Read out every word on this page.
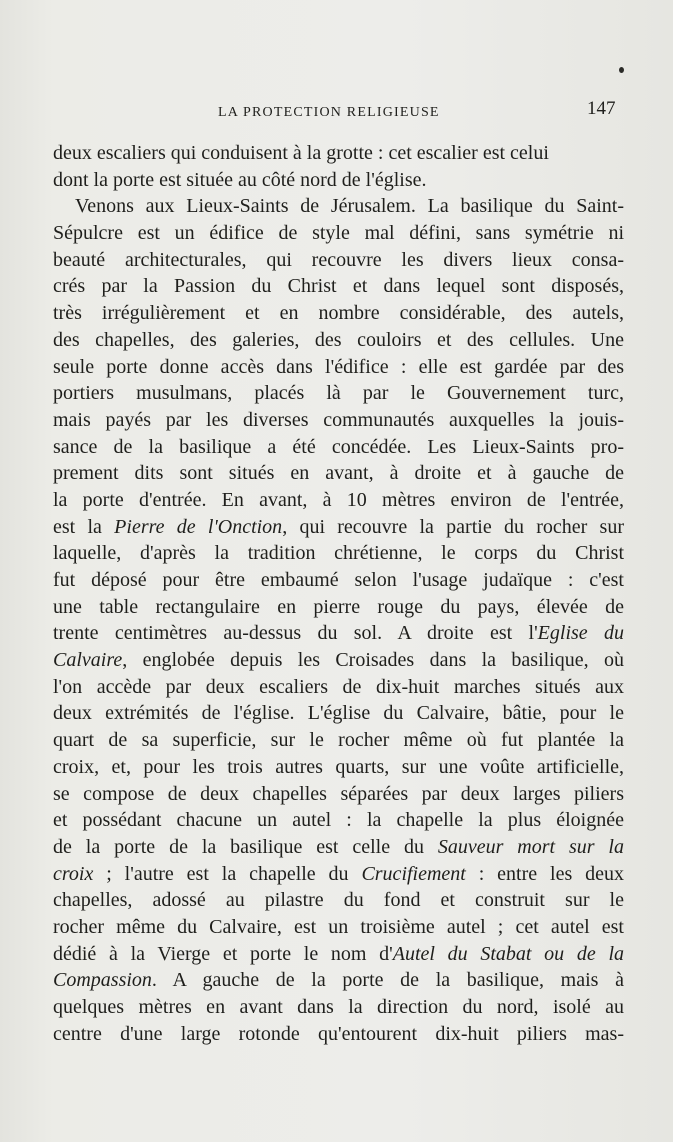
LA PROTECTION RELIGIEUSE	147
deux escaliers qui conduisent à la grotte : cet escalier est celui
dont la porte est située au côté nord de l'église.
Venons aux Lieux-Saints de Jérusalem. La basilique du Saint-
Sépulcre est un édifice de style mal défini, sans symétrie ni
beauté architecturales, qui recouvre les divers lieux consa-
crés par la Passion du Christ et dans lequel sont disposés,
très irrégulièrement et en nombre considérable, des autels,
des chapelles, des galeries, des couloirs et des cellules. Une
seule porte donne accès dans l'édifice : elle est gardée par des
portiers musulmans, placés là par le Gouvernement turc,
mais payés par les diverses communautés auxquelles la jouis-
sance de la basilique a été concédée. Les Lieux-Saints pro-
prement dits sont situés en avant, à droite et à gauche de
la porte d'entrée. En avant, à 10 mètres environ de l'entrée,
est la Pierre de l'Onction, qui recouvre la partie du rocher sur
laquelle, d'après la tradition chrétienne, le corps du Christ
fut déposé pour être embaumé selon l'usage judaïque : c'est
une table rectangulaire en pierre rouge du pays, élevée de
trente centimètres au-dessus du sol. A droite est l'Eglise du
Calvaire, englobée depuis les Croisades dans la basilique, où
l'on accède par deux escaliers de dix-huit marches situés aux
deux extrémités de l'église. L'église du Calvaire, bâtie, pour le
quart de sa superficie, sur le rocher même où fut plantée la
croix, et, pour les trois autres quarts, sur une voûte artificielle,
se compose de deux chapelles séparées par deux larges piliers
et possédant chacune un autel : la chapelle la plus éloignée
de la porte de la basilique est celle du Sauveur mort sur la
croix ; l'autre est la chapelle du Crucifiement : entre les deux
chapelles, adossé au pilastre du fond et construit sur le
rocher même du Calvaire, est un troisième autel ; cet autel est
dédié à la Vierge et porte le nom d'Autel du Stabat ou de la
Compassion. A gauche de la porte de la basilique, mais à
quelques mètres en avant dans la direction du nord, isolé au
centre d'une large rotonde qu'entourent dix-huit piliers mas-
